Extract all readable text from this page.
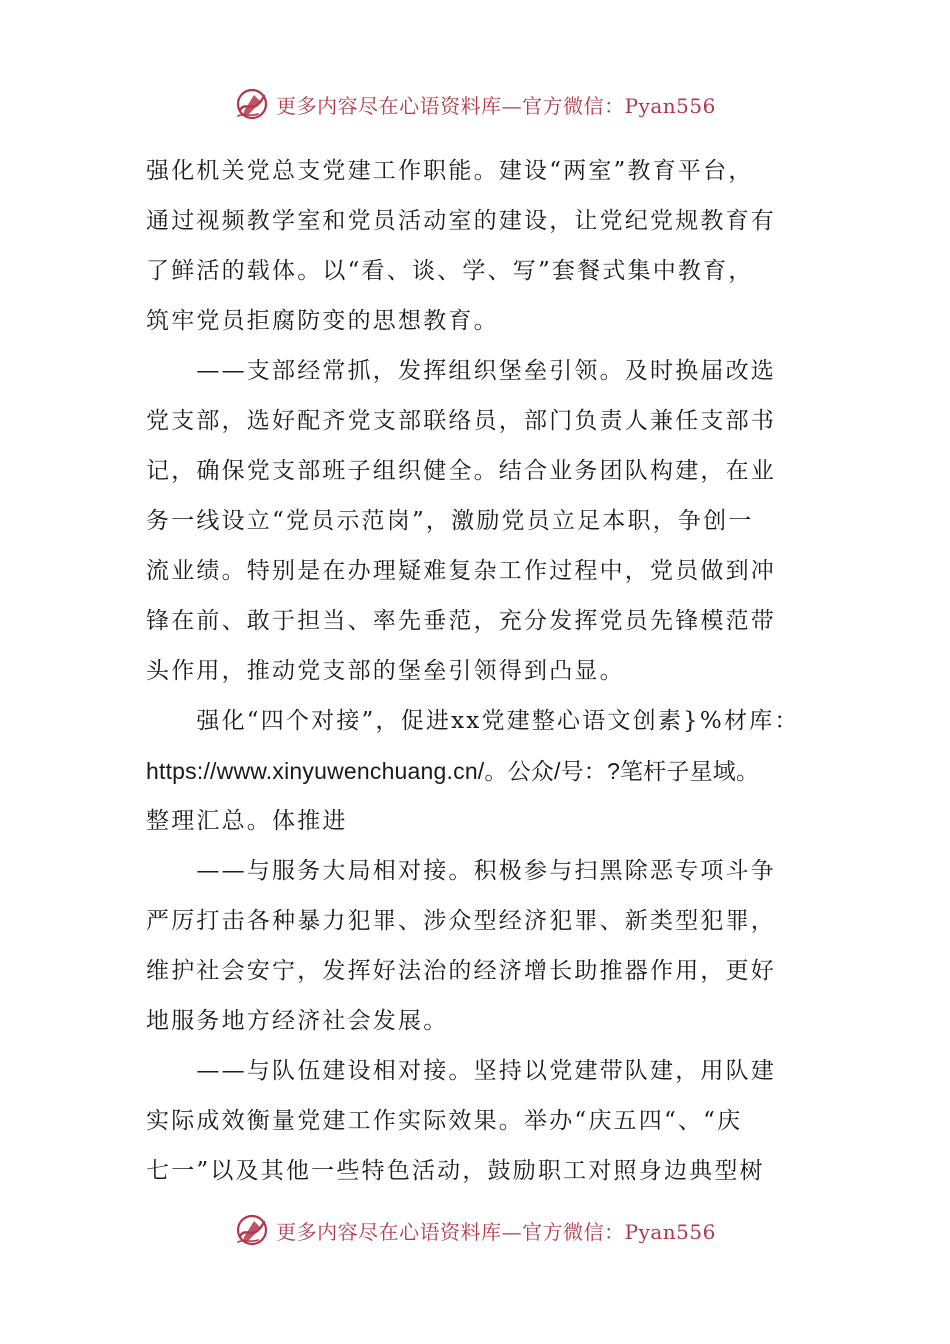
更多内容尽在心语资料库—官方微信：Pyan556
强化机关党总支党建工作职能。建设“两室”教育平台，
通过视频教学室和党员活动室的建设，让党纪党规教育有
了鲜活的载体。以“看、谈、学、写”套餐式集中教育，
筑牢党员拒腐防变的思想教育。
　　——支部经常抓，发挥组织堡垒引领。及时换届改选
党支部，选好配齐党支部联络员，部门负责人兼任支部书
记，确保党支部班子组织健全。结合业务团队构建，在业
务一线设立“党员示范岗”，激励党员立足本职，争创一
流业绩。特别是在办理疑难复杂工作过程中，党员做到冲
锋在前、敢于担当、率先垂范，充分发挥党员先锋模范带
头作用，推动党支部的堡垒引领得到凸显。
　　强化“四个对接”，促进xx党建整心语文创素}%材库：
https://www.xinyuwenchuang.cn/。公众/号：?笔杆子星域。
整理汇总。体推进
　　——与服务大局相对接。积极参与扫黑除恶专项斗争
严厉打击各种暴力犯罪、涉众型经济犯罪、新类型犯罪，
维护社会安宁，发挥好法治的经济增长助推器作用，更好
地服务地方经济社会发展。
　　——与队伍建设相对接。坚持以党建带队建，用队建
实际成效衡量党建工作实际效果。举办“庆五四“、“庆
七一”以及其他一些特色活动，鼓励职工对照身边典型树
更多内容尽在心语资料库—官方微信：Pyan556
